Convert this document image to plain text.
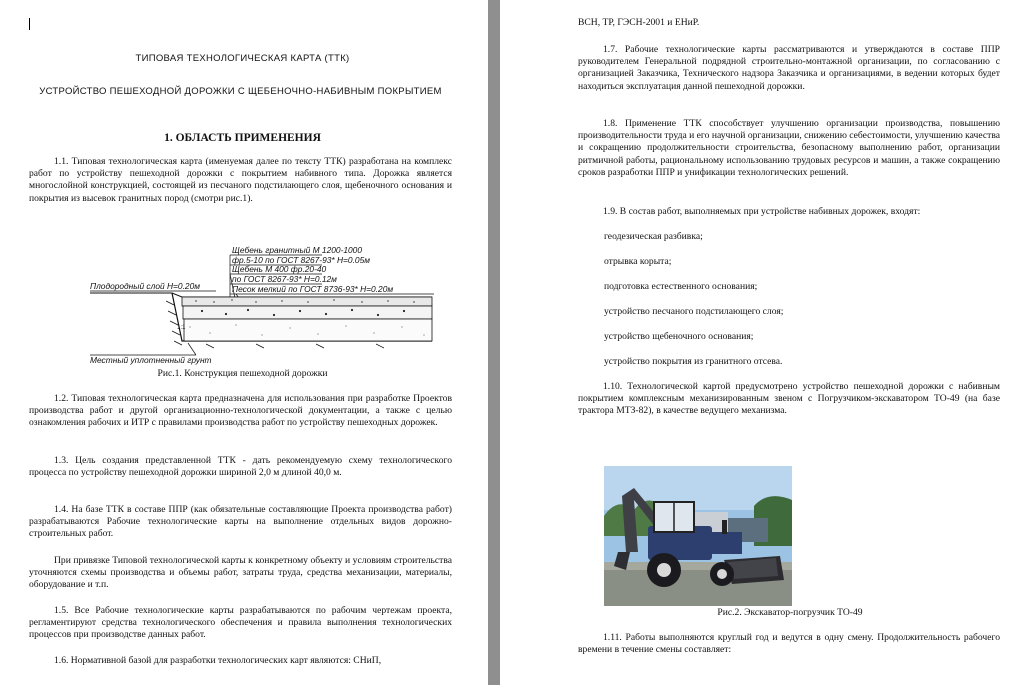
ТИПОВАЯ ТЕХНОЛОГИЧЕСКАЯ КАРТА (ТТК)
УСТРОЙСТВО ПЕШЕХОДНОЙ ДОРОЖКИ С ЩЕБЕНОЧНО-НАБИВНЫМ ПОКРЫТИЕМ
1. ОБЛАСТЬ ПРИМЕНЕНИЯ
1.1. Типовая технологическая карта (именуемая далее по тексту ТТК) разработана на комплекс работ по устройству пешеходной дорожки с покрытием набивного типа. Дорожка является многослойной конструкцией, состоящей из песчаного подстилающего слоя, щебеночного основания и покрытия из высевок гранитных пород (смотри рис.1).
1:1
Щебень гранитный М 1200-1000
фр.5-10 по ГОСТ 8267-93* H=0.05м
Щебень М 400 фр.20-40
по ГОСТ 8267-93* H=0.12м
Песок мелкий по ГОСТ 8736-93* H=0.20м
Плодородный слой H=0.20м
Местный уплотненный грунт
Рис.1. Конструкция пешеходной дорожки
1.2. Типовая технологическая карта предназначена для использования при разработке Проектов производства работ и другой организационно-технологической документации, а также с целью ознакомления рабочих и ИТР с правилами производства работ по устройству пешеходных дорожек.
1.3. Цель создания представленной ТТК - дать рекомендуемую схему технологического процесса по устройству пешеходной дорожки шириной 2,0 м длиной 40,0 м.
1.4. На базе ТТК в составе ППР (как обязательные составляющие Проекта производства работ) разрабатываются Рабочие технологические карты на выполнение отдельных видов дорожно-строительных работ.
При привязке Типовой технологической карты к конкретному объекту и условиям строительства уточняются схемы производства и объемы работ, затраты труда, средства механизации, материалы, оборудование и т.п.
1.5. Все Рабочие технологические карты разрабатываются по рабочим чертежам проекта, регламентируют средства технологического обеспечения и правила выполнения технологических процессов при производстве данных работ.
1.6. Нормативной базой для разработки технологических карт являются: СНиП,
ВСН, ТР, ГЭСН-2001 и ЕНиР.
1.7. Рабочие технологические карты рассматриваются и утверждаются в составе ППР руководителем Генеральной подрядной строительно-монтажной организации, по согласованию с организацией Заказчика, Технического надзора Заказчика и организациями, в ведении которых будет находиться эксплуатация данной пешеходной дорожки.
1.8. Применение ТТК способствует улучшению организации производства, повышению производительности труда и его научной организации, снижению себестоимости, улучшению качества и сокращению продолжительности строительства, безопасному выполнению работ, организации ритмичной работы, рациональному использованию трудовых ресурсов и машин, а также сокращению сроков разработки ППР и унификации технологических решений.
1.9. В состав работ, выполняемых при устройстве набивных дорожек, входят:
геодезическая разбивка;
отрывка корыта;
подготовка естественного основания;
устройство песчаного подстилающего слоя;
устройство щебеночного основания;
устройство покрытия из гранитного отсева.
1.10. Технологической картой предусмотрено устройство пешеходной дорожки с набивным покрытием комплексным механизированным звеном с Погрузчиком-экскаватором ТО-49 (на базе трактора МТЗ-82), в качестве ведущего механизма.
Рис.2. Экскаватор-погрузчик ТО-49
1.11. Работы выполняются круглый год и ведутся в одну смену. Продолжительность рабочего времени в течение смены составляет:
